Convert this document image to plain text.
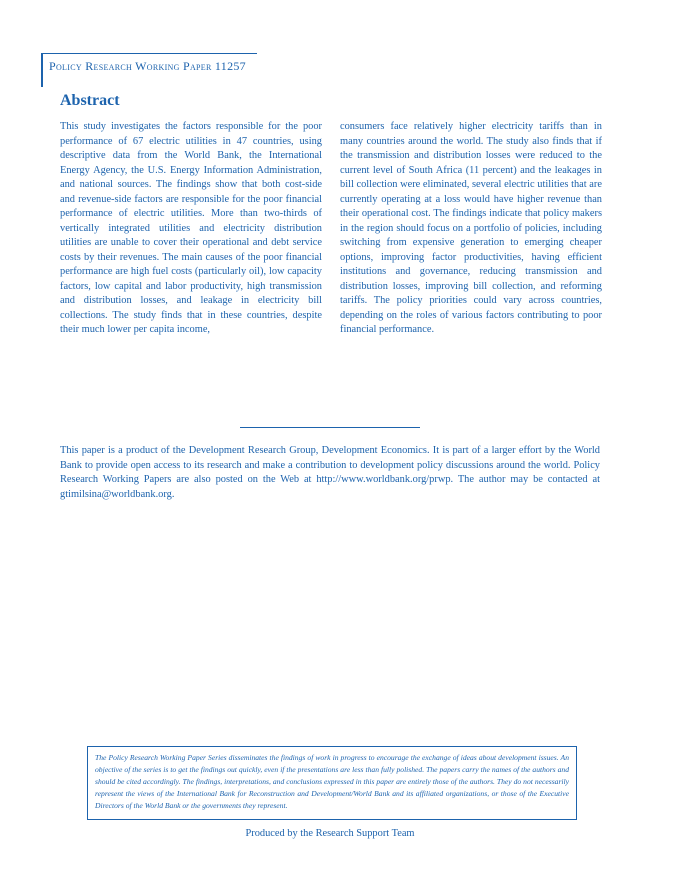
Policy Research Working Paper 11257
Abstract

This study investigates the factors responsible for the poor performance of 67 electric utilities in 47 countries, using descriptive data from the World Bank, the International Energy Agency, the U.S. Energy Information Administration, and national sources. The findings show that both cost-side and revenue-side factors are responsible for the poor financial performance of electric utilities. More than two-thirds of vertically integrated utilities and electricity distribution utilities are unable to cover their operational and debt service costs by their revenues. The main causes of the poor financial performance are high fuel costs (particularly oil), low capacity factors, low capital and labor productivity, high transmission and distribution losses, and leakage in electricity bill collections. The study finds that in these countries, despite their much lower per capita income,

consumers face relatively higher electricity tariffs than in many countries around the world. The study also finds that if the transmission and distribution losses were reduced to the current level of South Africa (11 percent) and the leakages in bill collection were eliminated, several electric utilities that are currently operating at a loss would have higher revenue than their operational cost. The findings indicate that policy makers in the region should focus on a portfolio of policies, including switching from expensive generation to emerging cheaper options, improving factor productivities, having efficient institutions and governance, reducing transmission and distribution losses, improving bill collection, and reforming tariffs. The policy priorities could vary across countries, depending on the roles of various factors contributing to poor financial performance.

This paper is a product of the Development Research Group, Development Economics. It is part of a larger effort by the World Bank to provide open access to its research and make a contribution to development policy discussions around the world. Policy Research Working Papers are also posted on the Web at http://www.worldbank.org/prwp. The author may be contacted at gtimilsina@worldbank.org.

The Policy Research Working Paper Series disseminates the findings of work in progress to encourage the exchange of ideas about development issues. An objective of the series is to get the findings out quickly, even if the presentations are less than fully polished. The papers carry the names of the authors and should be cited accordingly. The findings, interpretations, and conclusions expressed in this paper are entirely those of the authors. They do not necessarily represent the views of the International Bank for Reconstruction and Development/World Bank and its affiliated organizations, or those of the Executive Directors of the World Bank or the governments they represent.

Produced by the Research Support Team
